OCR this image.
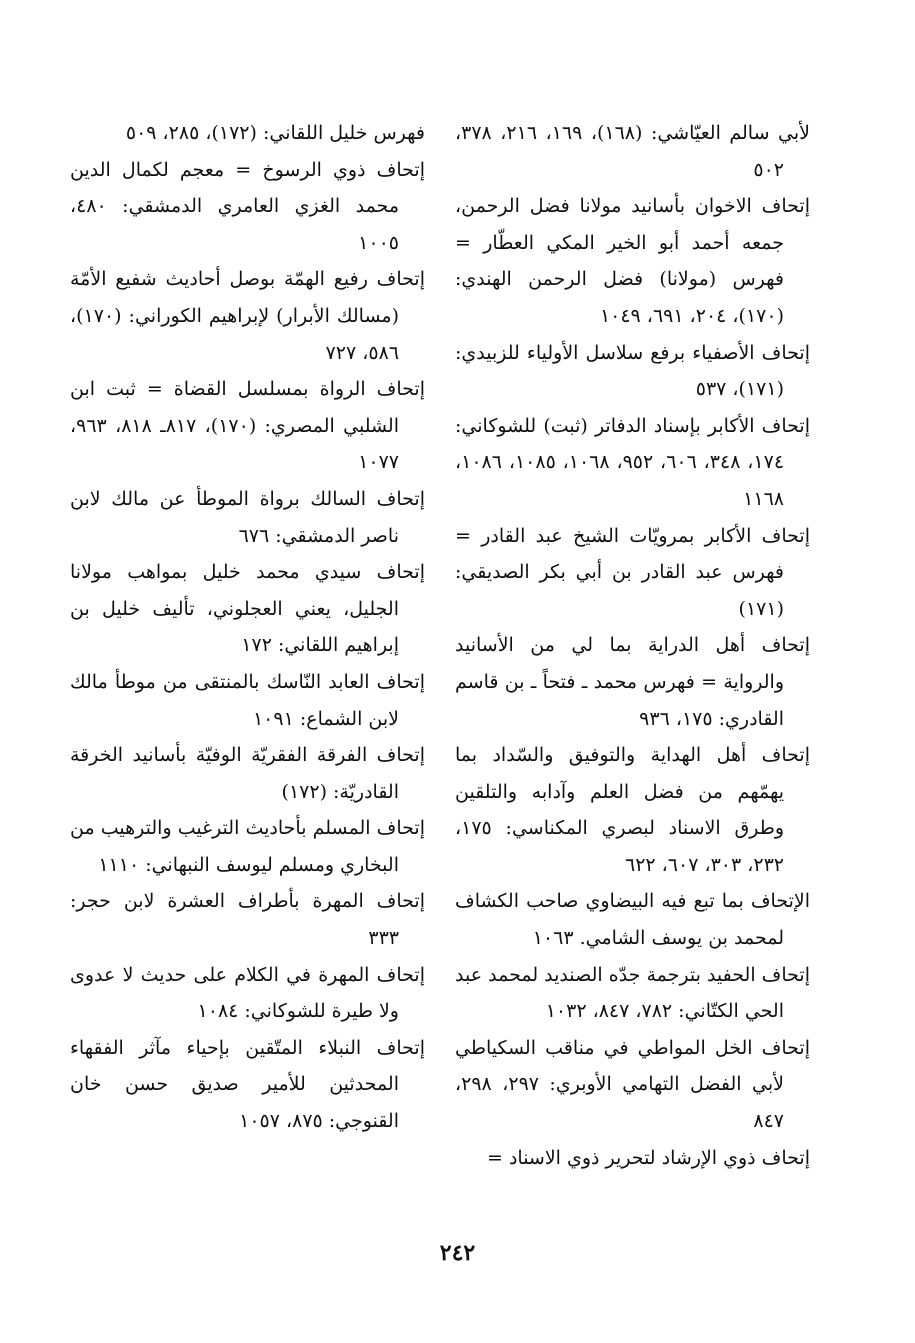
لأبي سالم العيّاشي: (١٦٨)، ١٦٩، ٢١٦، ٣٧٨، ٥٠٢

إتحاف الاخوان بأسانيد مولانا فضل الرحمن، جمعه أحمد أبو الخير المكي العطّار = فهرس (مولانا) فضل الرحمن الهندي: (١٧٠)، ٢٠٤، ٦٩١، ١٠٤٩

إتحاف الأصفياء برفع سلاسل الأولياء للزبيدي: (١٧١)، ٥٣٧

إتحاف الأكابر بإسناد الدفاتر (ثبت) للشوكاني: ١٧٤، ٣٤٨، ٦٠٦، ٩٥٢، ١٠٦٨، ١٠٨٥، ١٠٨٦، ١١٦٨

إتحاف الأكابر بمرويّات الشيخ عبد القادر = فهرس عبد القادر بن أبي بكر الصديقي: (١٧١)

إتحاف أهل الدراية بما لي من الأسانيد والرواية = فهرس محمد ـ فتحاً ـ بن قاسم القادري: ١٧٥، ٩٣٦

إتحاف أهل الهداية والتوفيق والسّداد بما يهمّهم من فضل العلم وآدابه والتلقين وطرق الاسناد لبصري المكناسي: ١٧٥، ٢٣٢، ٣٠٣، ٦٠٧، ٦٢٢

الإتحاف بما تبع فيه البيضاوي صاحب الكشاف لمحمد بن يوسف الشامي. ١٠٦٣

إتحاف الحفيد بترجمة جدّه الصنديد لمحمد عبد الحي الكتّاني: ٧٨٢، ٨٤٧، ١٠٣٢

إتحاف الخل المواطي في مناقب السكياطي لأبي الفضل التهامي الأوبري: ٢٩٧، ٢٩٨، ٨٤٧

إتحاف ذوي الإرشاد لتحرير ذوي الاسناد =

فهرس خليل اللقاني: (١٧٢)، ٢٨٥، ٥٠٩

إتحاف ذوي الرسوخ = معجم لكمال الدين محمد الغزي العامري الدمشقي: ٤٨٠، ١٠٠٥

إتحاف رفيع الهمّة بوصل أحاديث شفيع الأمّة (مسالك الأبرار) لإبراهيم الكوراني: (١٧٠)، ٥٨٦، ٧٢٧

إتحاف الرواة بمسلسل القضاة = ثبت ابن الشلبي المصري: (١٧٠)، ٨١٧ـ ٨١٨، ٩٦٣، ١٠٧٧

إتحاف السالك برواة الموطأ عن مالك لابن ناصر الدمشقي: ٦٧٦

إتحاف سيدي محمد خليل بمواهب مولانا الجليل، يعني العجلوني، تأليف خليل بن إبراهيم اللقاني: ١٧٢

إتحاف العابد النّاسك بالمنتقى من موطأ مالك لابن الشماع: ١٠٩١

إتحاف الفرقة الفقريّة الوفيّة بأسانيد الخرقة القادريّة: (١٧٢)

إتحاف المسلم بأحاديث الترغيب والترهيب من البخاري ومسلم ليوسف النبهاني: ١١١٠

إتحاف المهرة بأطراف العشرة لابن حجر: ٣٣٣

إتحاف المهرة في الكلام على حديث لا عدوى ولا طيرة للشوكاني: ١٠٨٤

إتحاف النبلاء المتّقين بإحياء مآثر الفقهاء المحدثين للأمير صديق حسن خان القنوجي: ٨٧٥، ١٠٥٧

٢٤٢
